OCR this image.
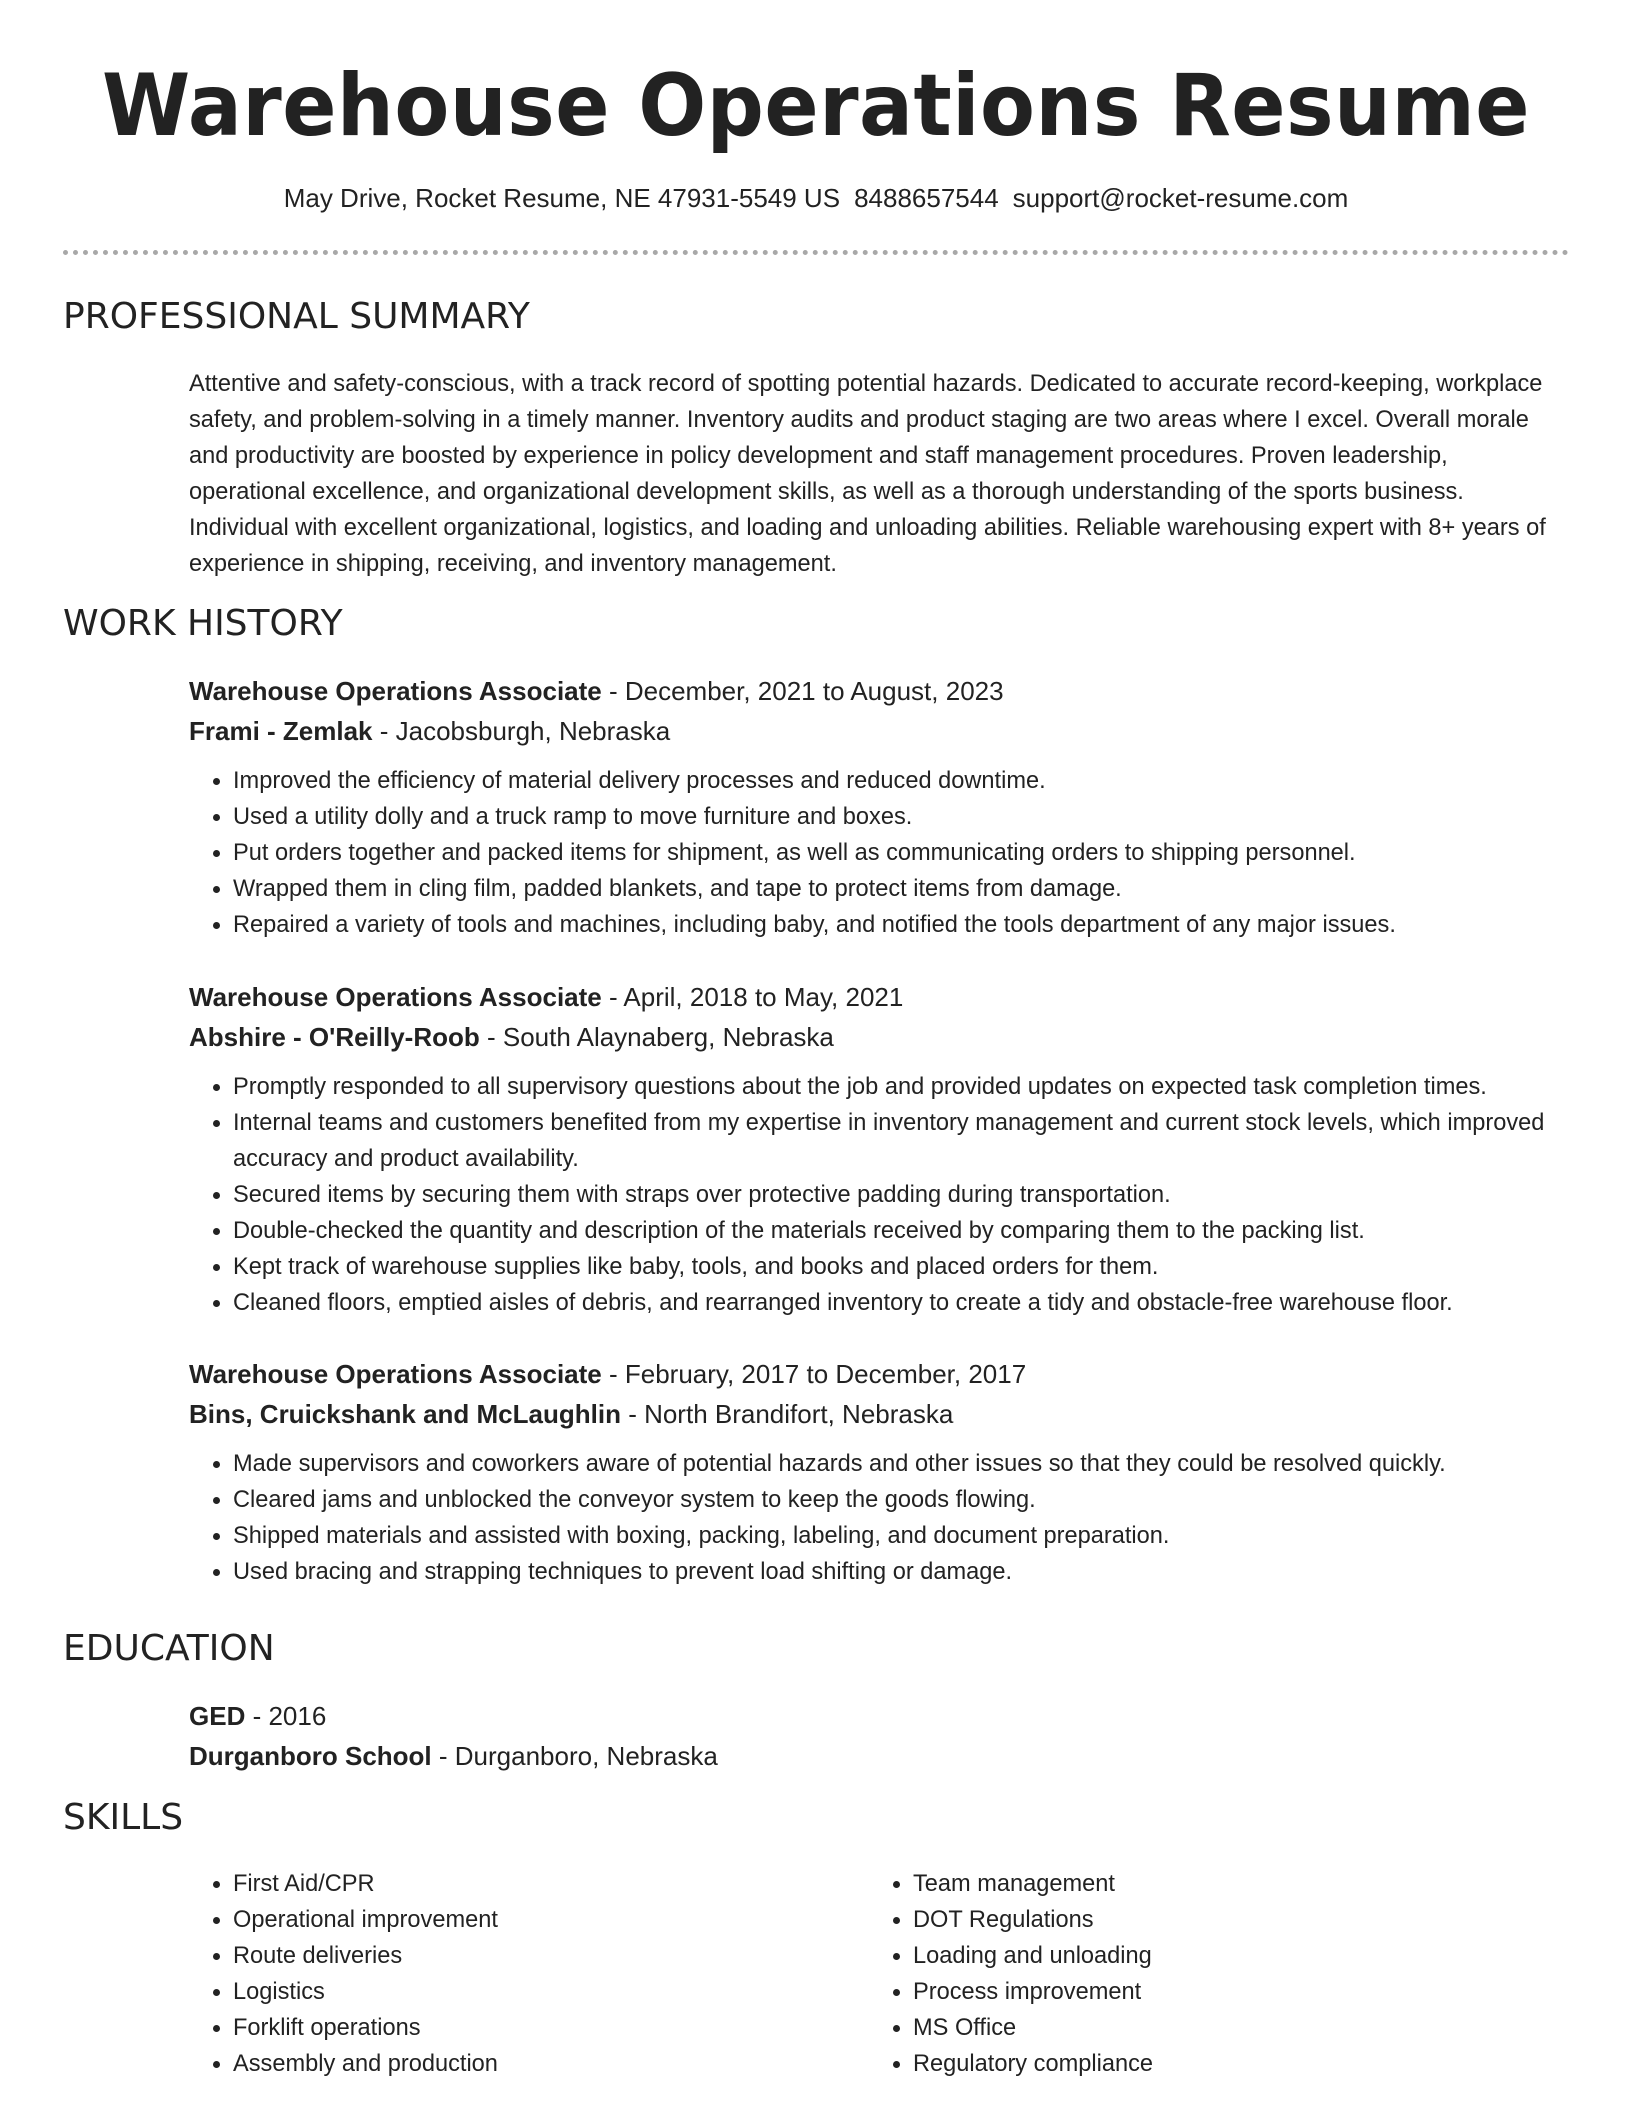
Warehouse Operations Resume
May Drive, Rocket Resume, NE 47931-5549 US 8488657544 support@rocket-resume.com
PROFESSIONAL SUMMARY
Attentive and safety-conscious, with a track record of spotting potential hazards. Dedicated to accurate record-keeping, workplace safety, and problem-solving in a timely manner. Inventory audits and product staging are two areas where I excel. Overall morale and productivity are boosted by experience in policy development and staff management procedures. Proven leadership, operational excellence, and organizational development skills, as well as a thorough understanding of the sports business. Individual with excellent organizational, logistics, and loading and unloading abilities. Reliable warehousing expert with 8+ years of experience in shipping, receiving, and inventory management.
WORK HISTORY
Warehouse Operations Associate - December, 2021 to August, 2023
Frami - Zemlak - Jacobsburgh, Nebraska
• Improved the efficiency of material delivery processes and reduced downtime.
• Used a utility dolly and a truck ramp to move furniture and boxes.
• Put orders together and packed items for shipment, as well as communicating orders to shipping personnel.
• Wrapped them in cling film, padded blankets, and tape to protect items from damage.
• Repaired a variety of tools and machines, including baby, and notified the tools department of any major issues.
Warehouse Operations Associate - April, 2018 to May, 2021
Abshire - O'Reilly-Roob - South Alaynaberg, Nebraska
• Promptly responded to all supervisory questions about the job and provided updates on expected task completion times.
• Internal teams and customers benefited from my expertise in inventory management and current stock levels, which improved accuracy and product availability.
• Secured items by securing them with straps over protective padding during transportation.
• Double-checked the quantity and description of the materials received by comparing them to the packing list.
• Kept track of warehouse supplies like baby, tools, and books and placed orders for them.
• Cleaned floors, emptied aisles of debris, and rearranged inventory to create a tidy and obstacle-free warehouse floor.
Warehouse Operations Associate - February, 2017 to December, 2017
Bins, Cruickshank and McLaughlin - North Brandifort, Nebraska
• Made supervisors and coworkers aware of potential hazards and other issues so that they could be resolved quickly.
• Cleared jams and unblocked the conveyor system to keep the goods flowing.
• Shipped materials and assisted with boxing, packing, labeling, and document preparation.
• Used bracing and strapping techniques to prevent load shifting or damage.
EDUCATION
GED - 2016
Durganboro School - Durganboro, Nebraska
SKILLS
• First Aid/CPR
• Operational improvement
• Route deliveries
• Logistics
• Forklift operations
• Assembly and production
• Team management
• DOT Regulations
• Loading and unloading
• Process improvement
• MS Office
• Regulatory compliance
